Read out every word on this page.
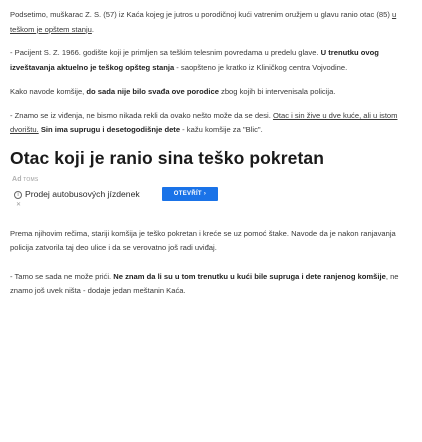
Podsetimo, muškarac Z. S. (57) iz Kaća kojeg je jutros u porodičnoj kući vatrenim oružjem u glavu ranio otac (85) u teškom je opštem stanju.

- Pacijent S. Z. 1966. godište koji je primljen sa teškim telesnim povredama u predelu glave. U trenutku ovog izveštavanja aktuelno je teškog opšteg stanja - saopšteno je kratko iz Kliničkog centra Vojvodine.

Kako navode komšije, do sada nije bilo svađa ove porodice zbog kojih bi intervenisala policija.

- Znamo se iz viđenja, ne bismo nikada rekli da ovako nešto može da se desi. Otac i sin žive u dve kuće, ali u istom dvorištu. Sin ima suprugu i desetogodišnje dete - kažu komšije za "Blic".

Otac koji je ranio sina teško pokretan
Ad TOMS
i Prodej autobusových jízdenek
✕
OTEVŘÍT ›

Prema njihovim rečima, stariji komšija je teško pokretan i kreće se uz pomoć štake. Navode da je nakon ranjavanja policija zatvorila taj deo ulice i da se verovatno još radi uviđaj.

- Tamo se sada ne može prići. Ne znam da li su u tom trenutku u kući bile supruga i dete ranjenog komšije, ne znamo još uvek ništa - dodaje jedan meštanin Kaća.
